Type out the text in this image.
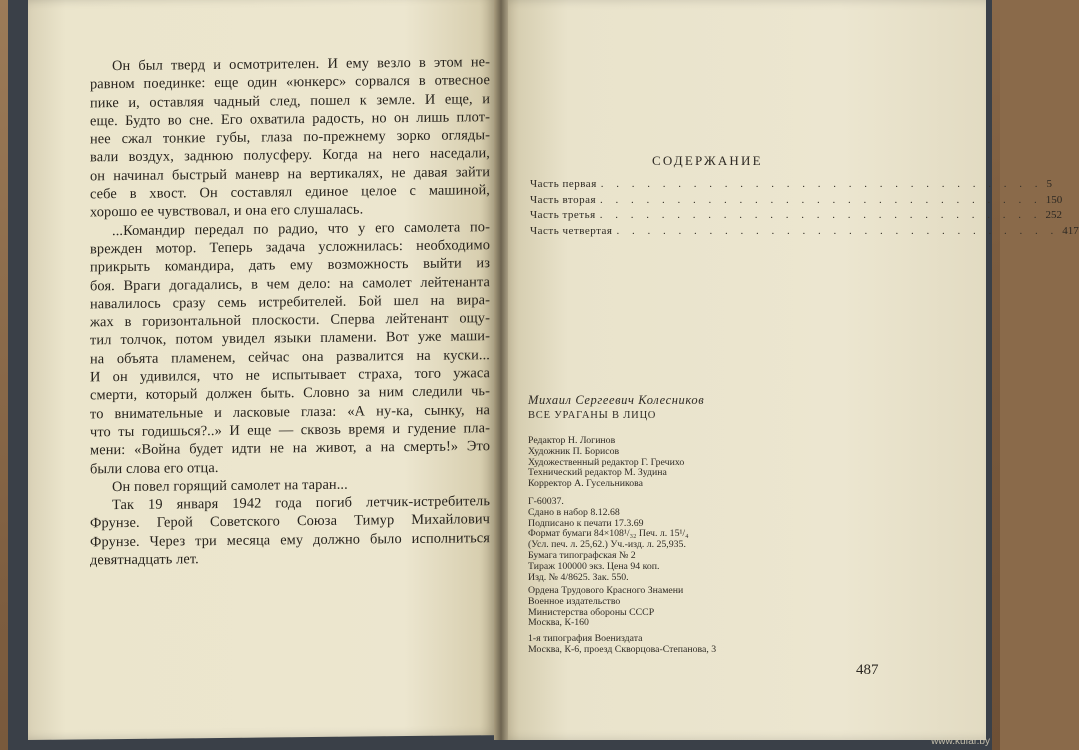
Он был тверд и осмотрителен. И ему везло в этом не-
равном поединке: еще один «юнкерс» сорвался в отвесное
пике и, оставляя чадный след, пошел к земле. И еще, и
еще. Будто во сне. Его охватила радость, но он лишь плот-
нее сжал тонкие губы, глаза по-прежнему зорко огляды-
вали воздух, заднюю полусферу. Когда на него наседали,
он начинал быстрый маневр на вертикалях, не давая зайти
себе в хвост. Он составлял единое целое с машиной,
хорошо ее чувствовал, и она его слушалась.
...Командир передал по радио, что у его самолета по-
врежден мотор. Теперь задача усложнилась: необходимо
прикрыть командира, дать ему возможность выйти из
боя. Враги догадались, в чем дело: на самолет лейтенанта
навалилось сразу семь истребителей. Бой шел на вира-
жах в горизонтальной плоскости. Сперва лейтенант ощу-
тил толчок, потом увидел языки пламени. Вот уже маши-
на объята пламенем, сейчас она развалится на куски...
И он удивился, что не испытывает страха, того ужаса
смерти, который должен быть. Словно за ним следили чь-
то внимательные и ласковые глаза: «А ну-ка, сынку, на
что ты годишься?..» И еще — сквозь время и гудение пла-
мени: «Война будет идти не на живот, а на смерть!» Это
были слова его отца.
Он повел горящий самолет на таран...
Так 19 января 1942 года погиб летчик-истребитель
Фрунзе. Герой Советского Союза Тимур Михайлович
Фрунзе. Через три месяца ему должно было исполниться
девятнадцать лет.
СОДЕРЖАНИЕ
Часть первая . . . . . . . . . . . . . . . . . . . . . . . . . . . . . 5
Часть вторая . . . . . . . . . . . . . . . . . . . . . . . . . . . . . 150
Часть третья . . . . . . . . . . . . . . . . . . . . . . . . . . . . . 252
Часть четвертая . . . . . . . . . . . . . . . . . . . . . . . . . . . . . 417
Михаил Сергеевич Колесников
ВСЕ УРАГАНЫ В ЛИЦО
Редактор Н. Логинов
Художник П. Борисов
Художественный редактор Г. Гречихо
Технический редактор М. Зудина
Корректор А. Гусельникова
Г-60037.
Сдано в набор 8.12.68
Подписано к печати 17.3.69
Формат бумаги 84×108¹/₃₂ Печ. л. 15¹/₄
(Усл. печ. л. 25,62.) Уч.-изд. л. 25,935.
Бумага типографская № 2
Тираж 100000 экз. Цена 94 коп.
Изд. № 4/8625. Зак. 550.
Ордена Трудового Красного Знамени
Военное издательство
Министерства обороны СССР
Москва, К-160
1-я типография Воениздата
Москва, К-6, проезд Скворцова-Степанова, 3
487
www.kufar.by
